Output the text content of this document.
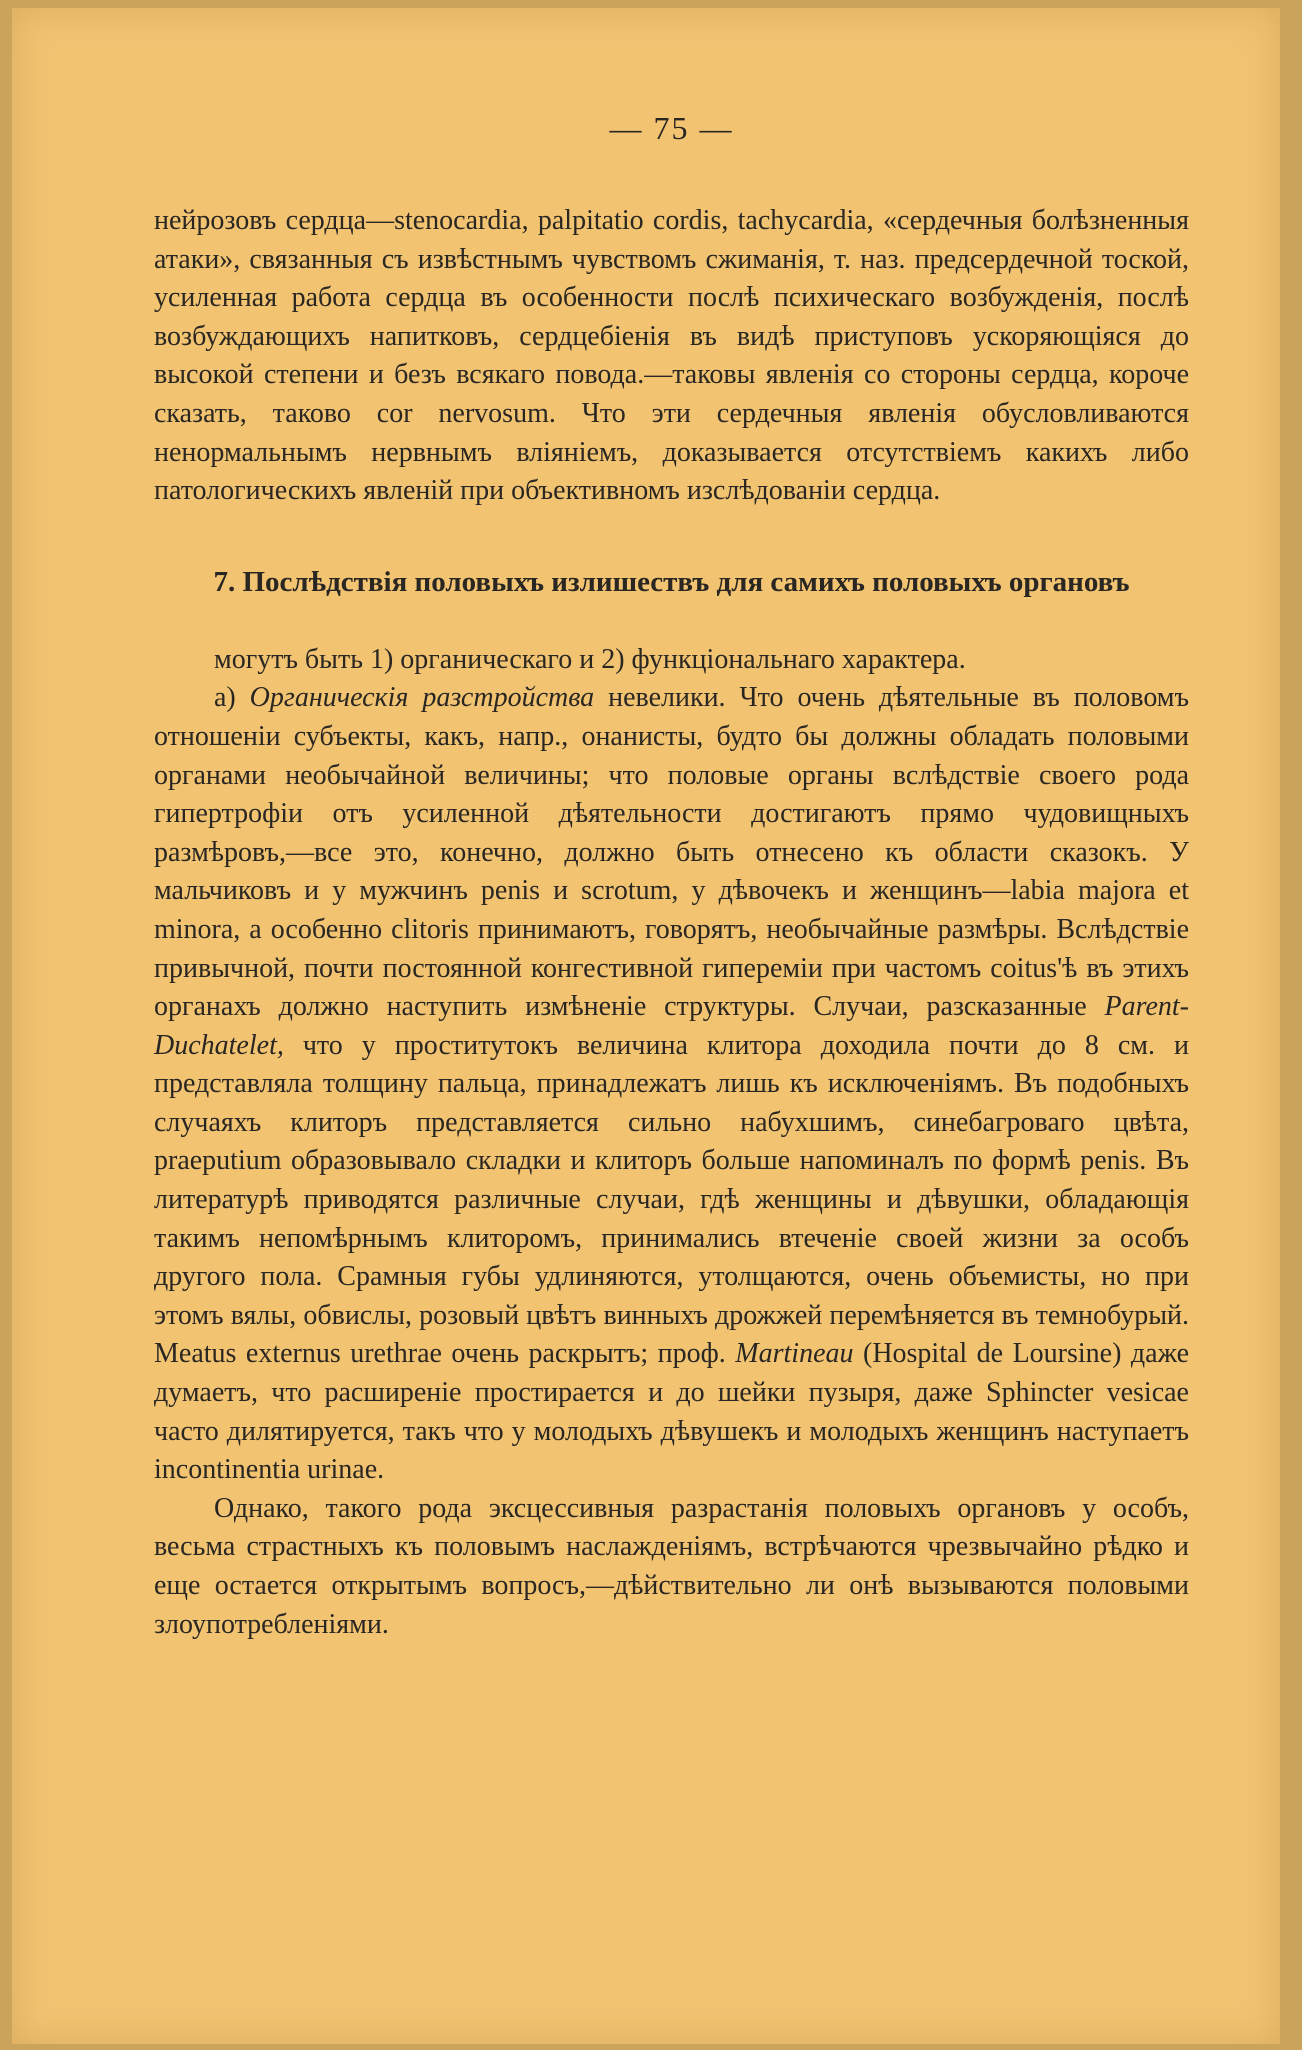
— 75 —

нейрозовъ сердца—stenocardia, palpitatio cordis, tachycardia, «сердечныя болѣзненныя атаки», связанныя съ извѣстнымъ чувствомъ сжиманія, т. наз. предсердечной тоской, усиленная работа сердца въ особенности послѣ психическаго возбужденія, послѣ возбуждающихъ напитковъ, сердцебіенія въ видѣ приступовъ ускоряющіяся до высокой степени и безъ всякаго повода.—таковы явленія со стороны сердца, короче сказать, таково cor nervosum. Что эти сердечныя явленія обусловливаются ненормальнымъ нервнымъ вліяніемъ, доказывается отсутствіемъ какихъ либо патологическихъ явленій при объективномъ изслѣдованіи сердца.

7. Послѣдствія половыхъ излишествъ для самихъ половыхъ органовъ

могутъ быть 1) органическаго и 2) функціональнаго характера.

а) Органическія разстройства невелики. Что очень дѣятельные въ половомъ отношеніи субъекты, какъ, напр., онанисты, будто бы должны обладать половыми органами необычайной величины; что половые органы вслѣдствіе своего рода гипертрофіи отъ усиленной дѣятельности достигаютъ прямо чудовищныхъ размѣровъ,—все это, конечно, должно быть отнесено къ области сказокъ. У мальчиковъ и у мужчинъ penis и scrotum, у дѣвочекъ и женщинъ—labia majora et minora, а особенно clitoris принимаютъ, говорятъ, необычайные размѣры. Вслѣдствіе привычной, почти постоянной конгестивной гипереміи при частомъ coitus'ѣ въ этихъ органахъ должно наступить измѣненіе структуры. Случаи, разсказанные Parent-Duchatelet, что у проститутокъ величина клитора доходила почти до 8 см. и представляла толщину пальца, принадлежатъ лишь къ исключеніямъ. Въ подобныхъ случаяхъ клиторъ представляется сильно набухшимъ, синебагроваго цвѣта, praeputium образовывало складки и клиторъ больше напоминалъ по формѣ penis. Въ литературѣ приводятся различные случаи, гдѣ женщины и дѣвушки, обладающія такимъ непомѣрнымъ клиторомъ, принимались втеченіе своей жизни за особъ другого пола. Срамныя губы удлиняются, утолщаются, очень объемисты, но при этомъ вялы, обвислы, розовый цвѣтъ винныхъ дрожжей перемѣняется въ темнобурый. Meatus externus urethrae очень раскрытъ; проф. Martineau (Hospital de Loursine) даже думаетъ, что расширеніе простирается и до шейки пузыря, даже Sphincter vesicae часто дилятируется, такъ что у молодыхъ дѣвушекъ и молодыхъ женщинъ наступаетъ incontinentia urinae.

Однако, такого рода эксцессивныя разрастанія половыхъ органовъ у особъ, весьма страстныхъ къ половымъ наслажденіямъ, встрѣчаются чрезвычайно рѣдко и еще остается открытымъ вопросъ,—дѣйствительно ли онѣ вызываются половыми злоупотребленіями.
